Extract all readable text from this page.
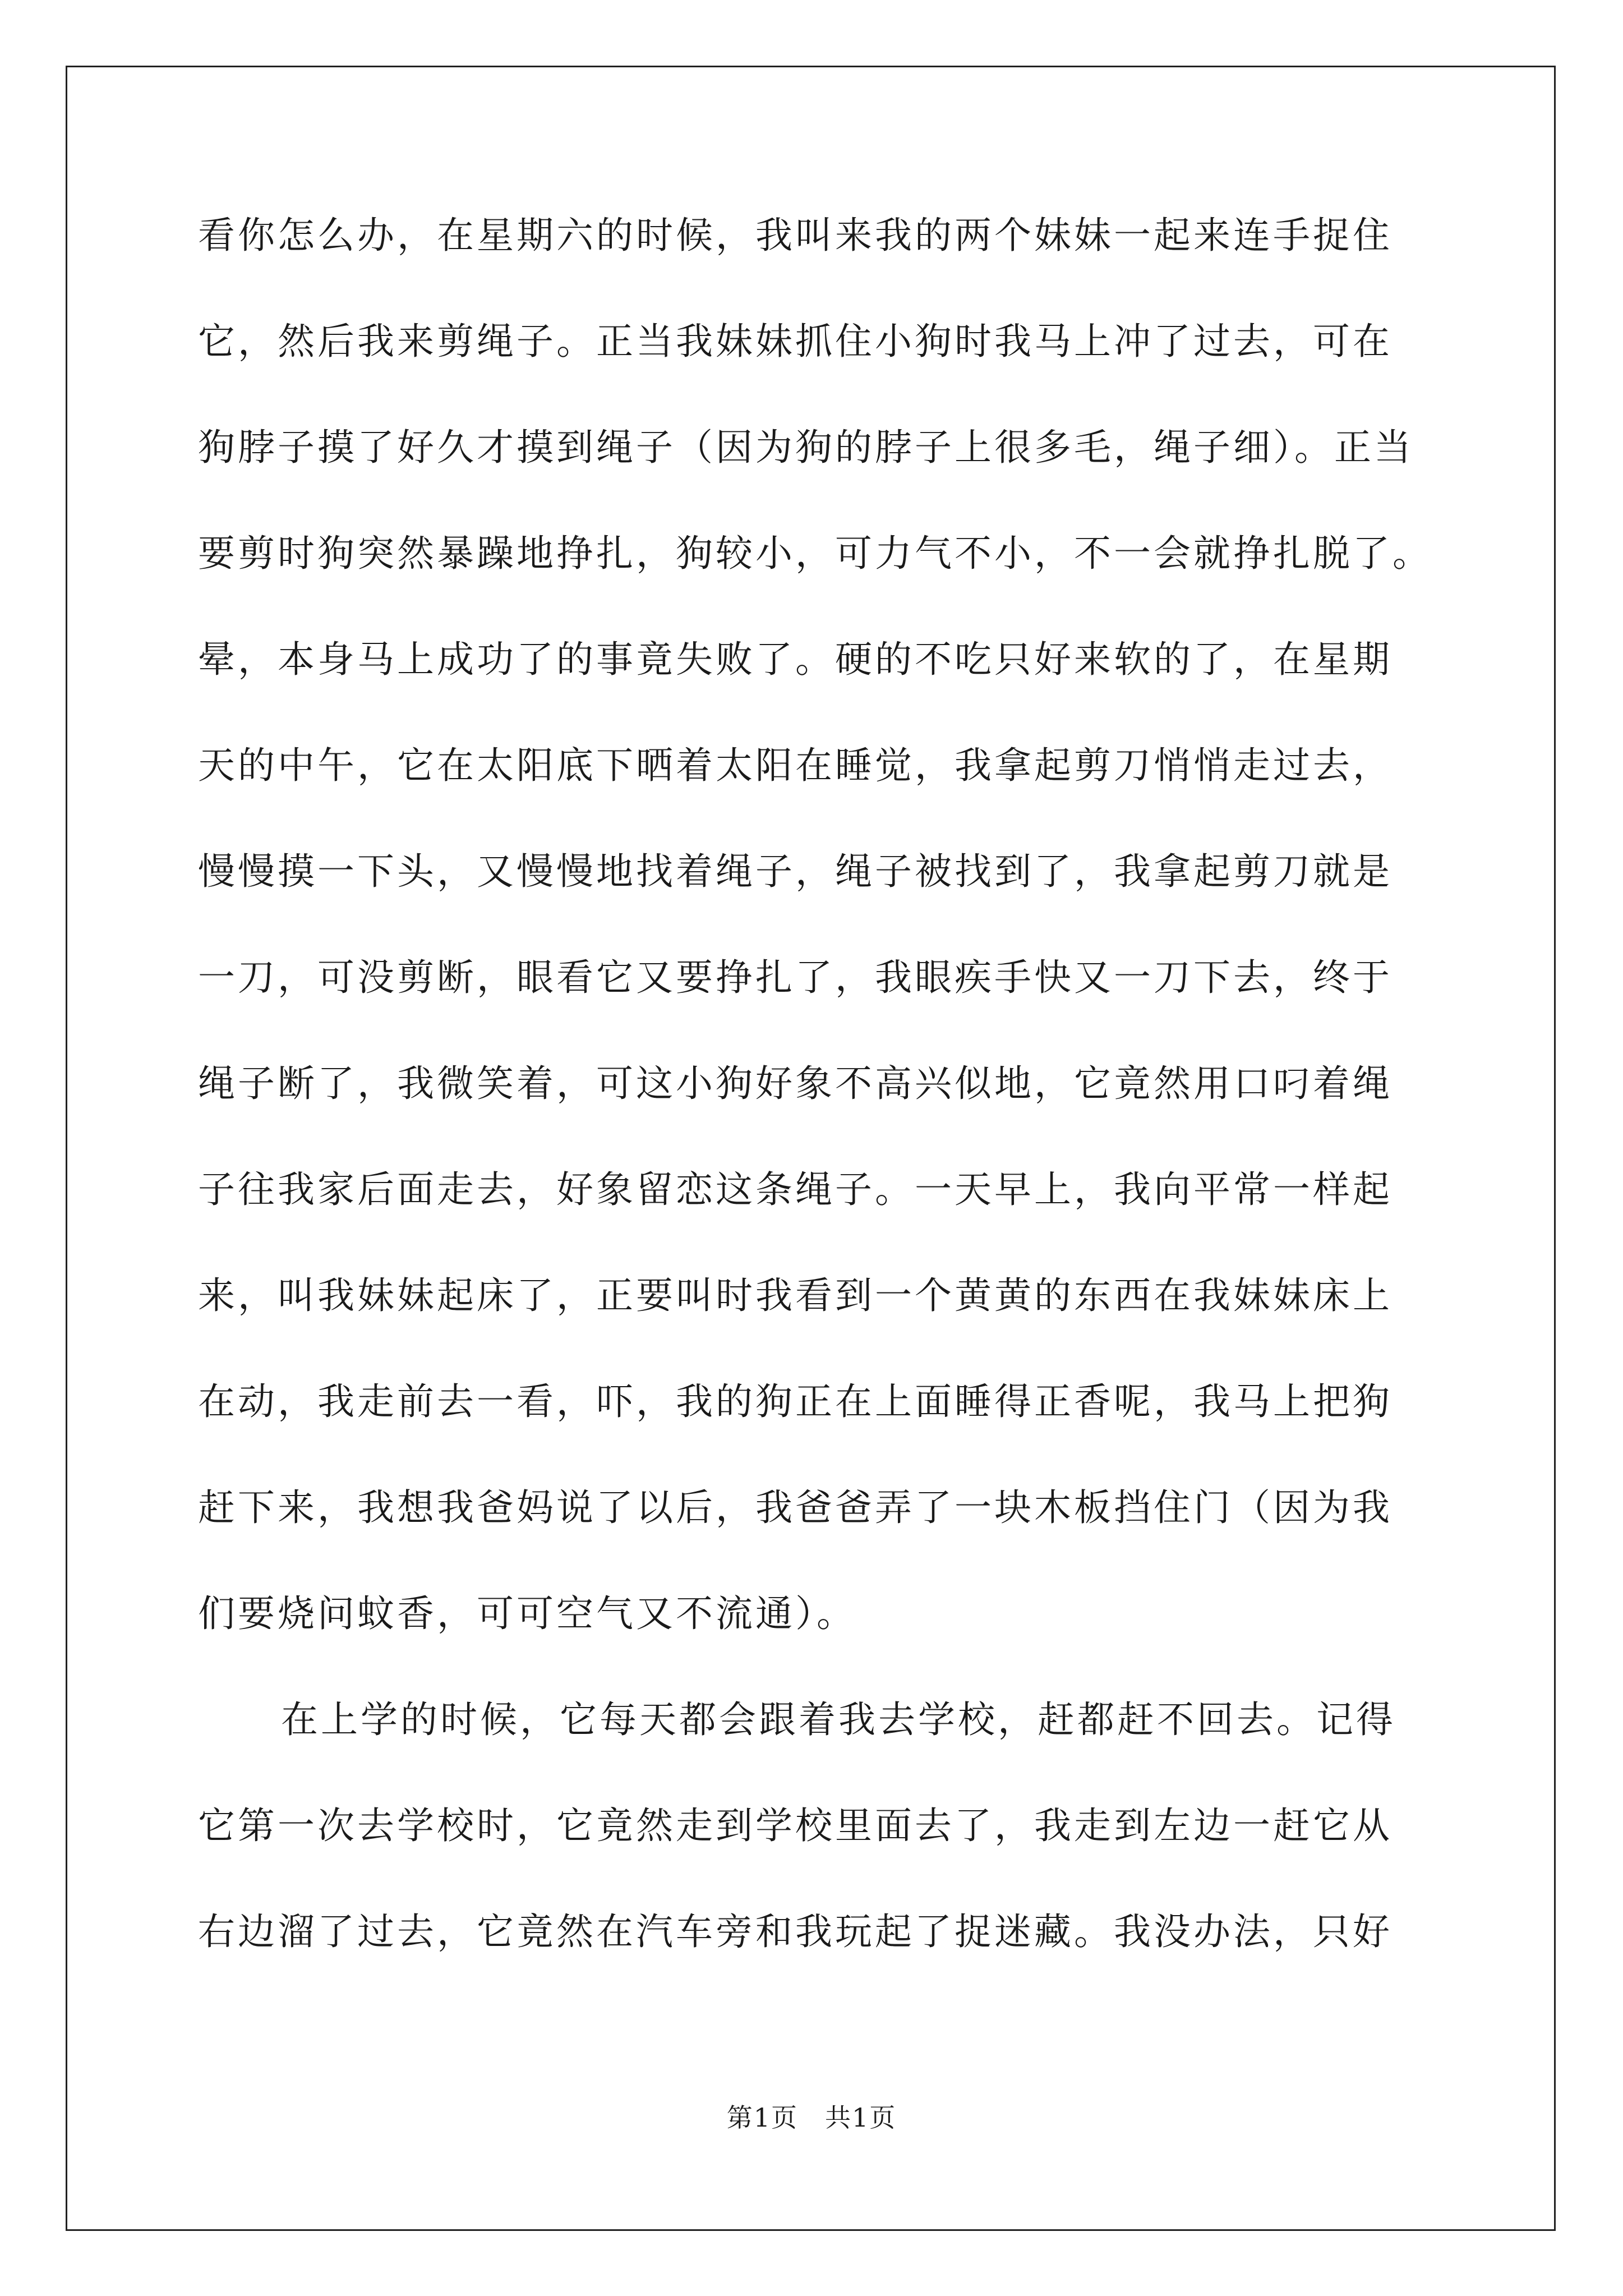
看你怎么办，在星期六的时候，我叫来我的两个妹妹一起来连手捉住
它，然后我来剪绳子。正当我妹妹抓住小狗时我马上冲了过去，可在
狗脖子摸了好久才摸到绳子（因为狗的脖子上很多毛，绳子细）。正当
要剪时狗突然暴躁地挣扎，狗较小，可力气不小，不一会就挣扎脱了。
晕，本身马上成功了的事竟失败了。硬的不吃只好来软的了，在星期
天的中午，它在太阳底下晒着太阳在睡觉，我拿起剪刀悄悄走过去，
慢慢摸一下头，又慢慢地找着绳子，绳子被找到了，我拿起剪刀就是
一刀，可没剪断，眼看它又要挣扎了，我眼疾手快又一刀下去，终于
绳子断了，我微笑着，可这小狗好象不高兴似地，它竟然用口叼着绳
子往我家后面走去，好象留恋这条绳子。一天早上，我向平常一样起
来，叫我妹妹起床了，正要叫时我看到一个黄黄的东西在我妹妹床上
在动，我走前去一看，吓，我的狗正在上面睡得正香呢，我马上把狗
赶下来，我想我爸妈说了以后，我爸爸弄了一块木板挡住门（因为我
们要烧问蚊香，可可空气又不流通）。
在上学的时候，它每天都会跟着我去学校，赶都赶不回去。记得
它第一次去学校时，它竟然走到学校里面去了，我走到左边一赶它从
右边溜了过去，它竟然在汽车旁和我玩起了捉迷藏。我没办法，只好
第1页　共1页
